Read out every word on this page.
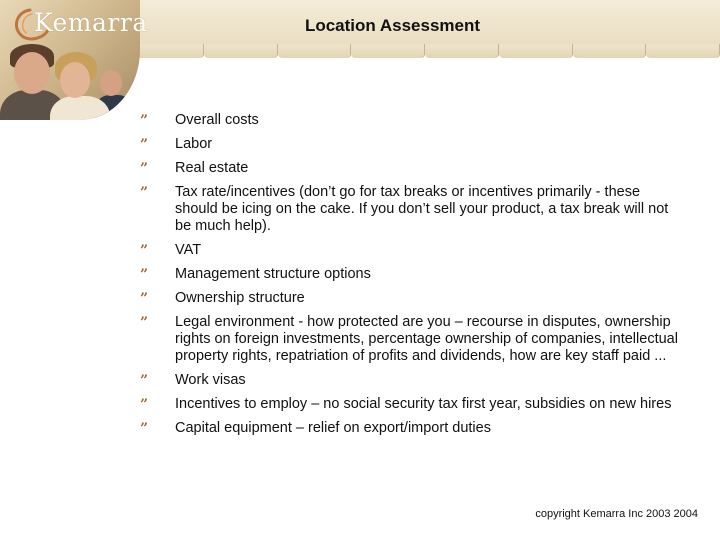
Kemarra	Location Assessment
” Overall costs
” Labor
” Real estate
” Tax rate/incentives (don’t go for tax breaks or incentives primarily - these should be icing on the cake. If you don’t sell your product, a tax break will not be much help).
” VAT
” Management structure options
” Ownership structure
” Legal environment - how protected are you – recourse in disputes, ownership rights on foreign investments, percentage ownership of companies, intellectual property rights, repatriation of profits and dividends, how are key staff paid ...
” Work visas
” Incentives to employ – no social security tax first year, subsidies on new hires
” Capital equipment – relief on export/import duties
copyright Kemarra Inc 2003 2004
